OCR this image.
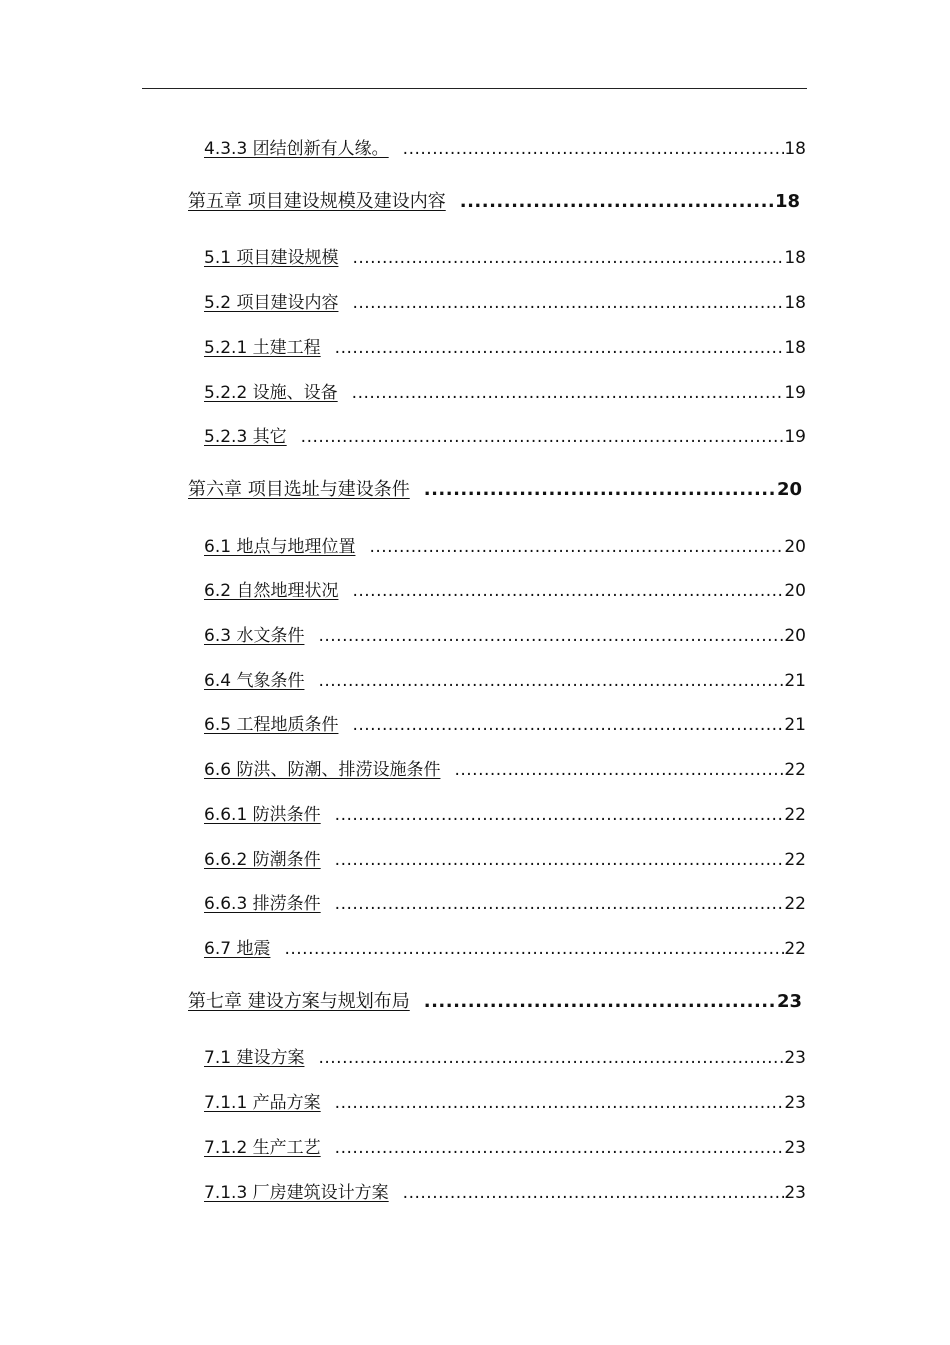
4.3.3 团结创新有人缘。 .....	18
第五章 项目建设规模及建设内容 .....	18
5.1 项目建设规模 .....	18
5.2 项目建设内容 .....	18
5.2.1 土建工程 .....	18
5.2.2 设施、设备 .....	19
5.2.3 其它 .....	19
第六章 项目选址与建设条件 .....	20
6.1 地点与地理位置 .....	20
6.2 自然地理状况 .....	20
6.3 水文条件 .....	20
6.4 气象条件 .....	21
6.5 工程地质条件 .....	21
6.6 防洪、防潮、排涝设施条件 .....	22
6.6.1 防洪条件 .....	22
6.6.2 防潮条件 .....	22
6.6.3 排涝条件 .....	22
6.7 地震 .....	22
第七章 建设方案与规划布局 .....	23
7.1 建设方案 .....	23
7.1.1 产品方案 .....	23
7.1.2 生产工艺 .....	23
7.1.3 厂房建筑设计方案 .....	23
